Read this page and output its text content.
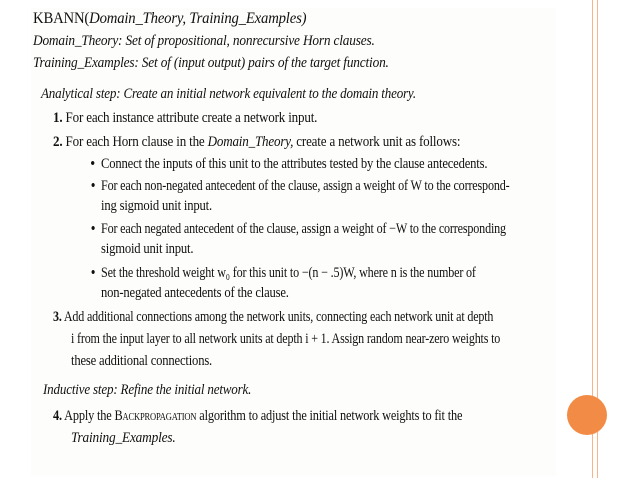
KBANN(Domain_Theory, Training_Examples)
Domain_Theory: Set of propositional, nonrecursive Horn clauses.
Training_Examples: Set of (input output) pairs of the target function.
Analytical step: Create an initial network equivalent to the domain theory.
1. For each instance attribute create a network input.
2. For each Horn clause in the Domain_Theory, create a network unit as follows:
• Connect the inputs of this unit to the attributes tested by the clause antecedents.
• For each non-negated antecedent of the clause, assign a weight of W to the correspond-
ing sigmoid unit input.
• For each negated antecedent of the clause, assign a weight of −W to the corresponding
sigmoid unit input.
• Set the threshold weight w₀ for this unit to −(n − .5)W, where n is the number of
non-negated antecedents of the clause.
3. Add additional connections among the network units, connecting each network unit at depth
i from the input layer to all network units at depth i + 1. Assign random near-zero weights to
these additional connections.
Inductive step: Refine the initial network.
4. Apply the Backpropagation algorithm to adjust the initial network weights to fit the
Training_Examples.
